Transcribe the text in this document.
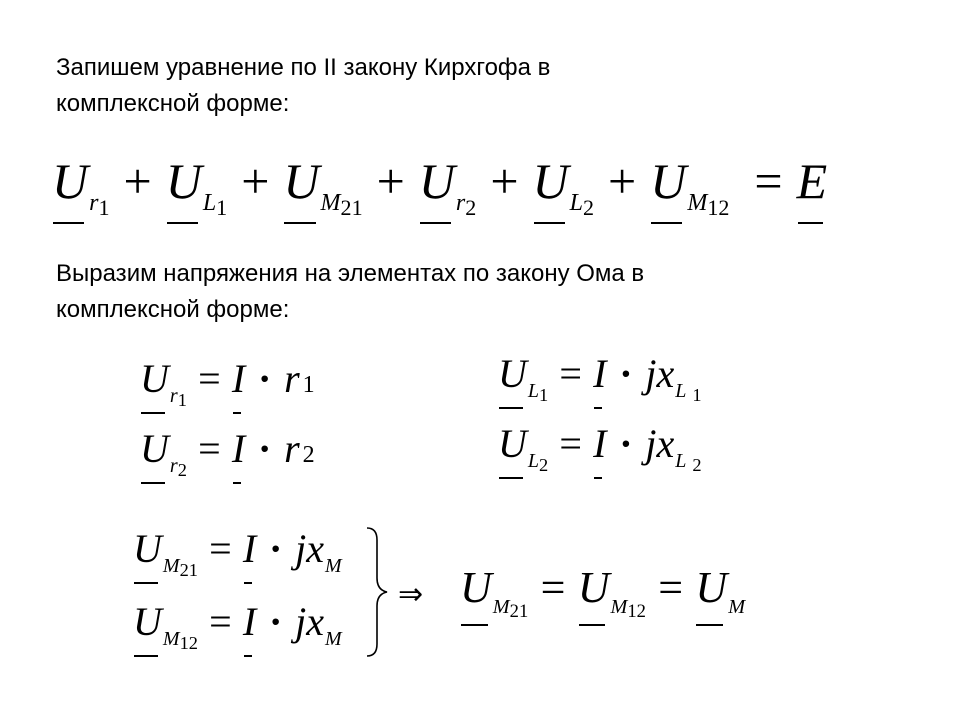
Запишем уравнение по II закону Кирхгофа в
комплексной форме:

U r1 + U L1 + U M21 + U r2 + U L2 + U M12 = E

Выразим напряжения на элементах по закону Ома в
комплексной форме:

U r1 = I · r 1
U r2 = I · r 2
U L1 = I · jx L 1
U L2 = I · jx L 2
U M21 = I · jx M
U M12 = I · jx M
⇒ U M21 = U M12 = U M
